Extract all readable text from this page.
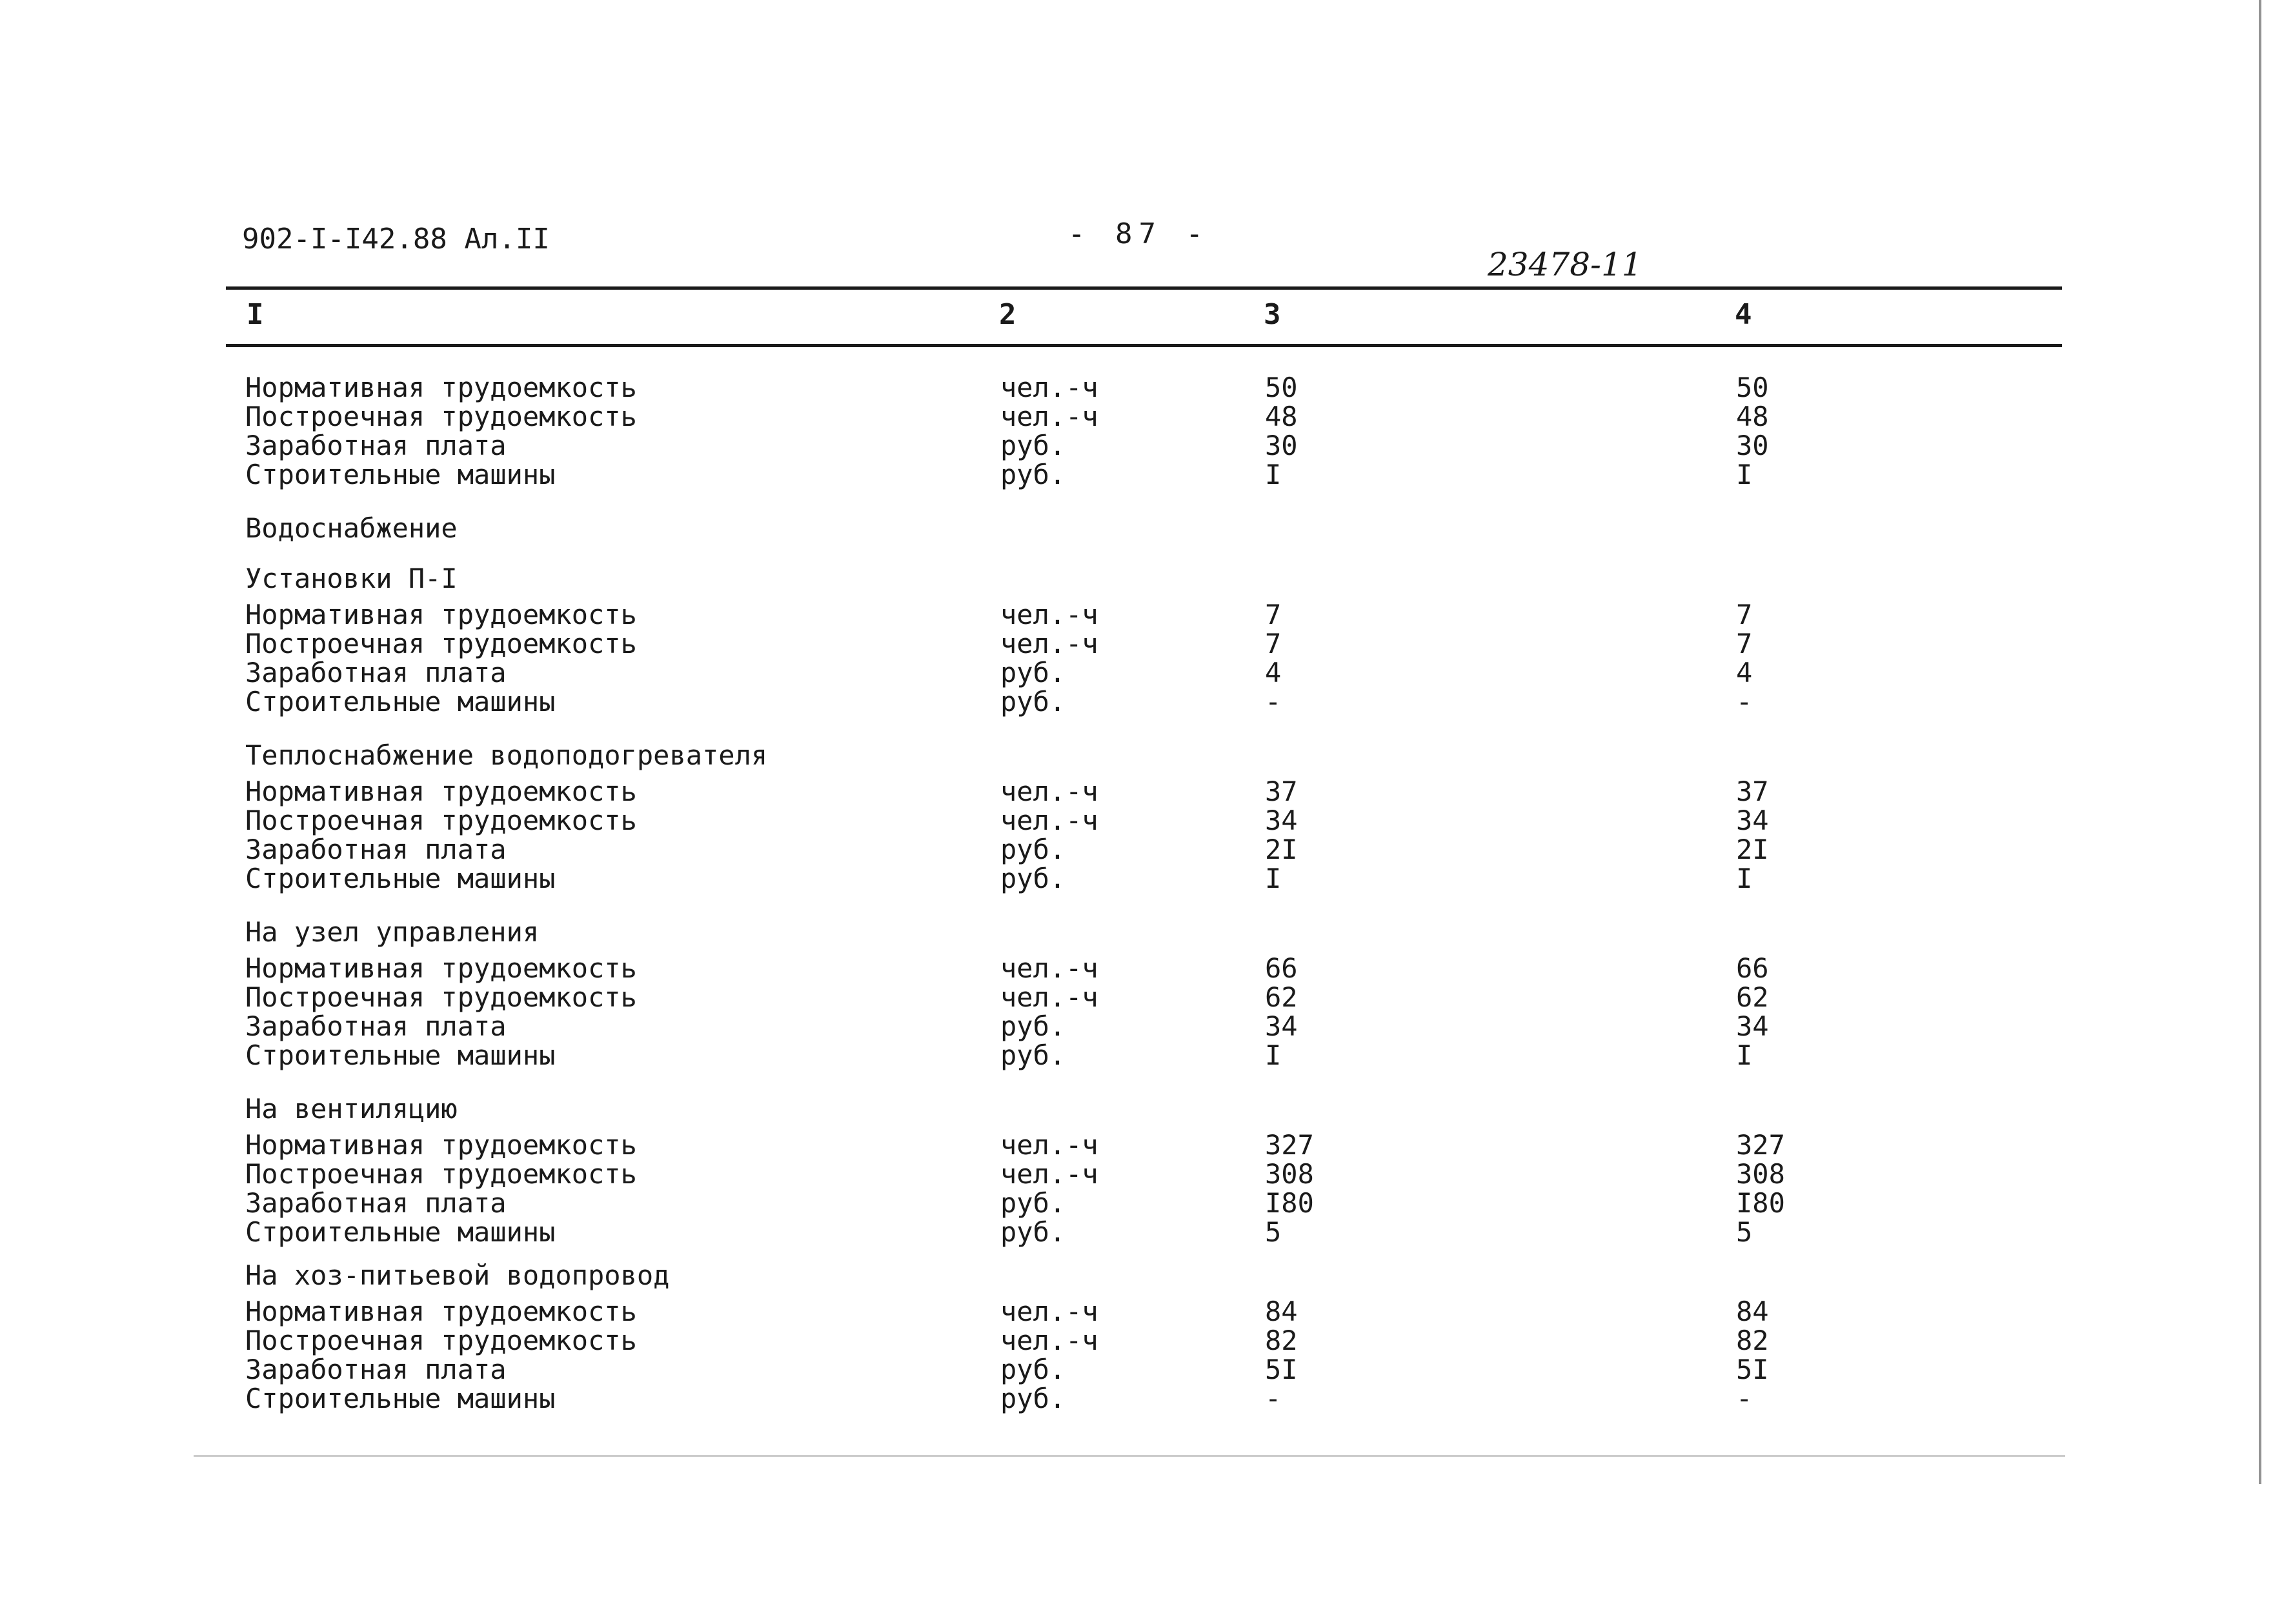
902-I-I42.88 Ал.II	- 87 -
23478-11
I	2	3	4
Нормативная трудоемкость	чел.-ч	50	50
Построечная трудоемкость	чел.-ч	48	48
Заработная плата	руб.	30	30
Строительные машины	руб.	I	I
Водоснабжение
Установки П-I
Нормативная трудоемкость	чел.-ч	7	7
Построечная трудоемкость	чел.-ч	7	7
Заработная плата	руб.	4	4
Строительные машины	руб.	-	-
Теплоснабжение водоподогревателя
Нормативная трудоемкость	чел.-ч	37	37
Построечная трудоемкость	чел.-ч	34	34
Заработная плата	руб.	2I	2I
Строительные машины	руб.	I	I
На узел управления
Нормативная трудоемкость	чел.-ч	66	66
Построечная трудоемкость	чел.-ч	62	62
Заработная плата	руб.	34	34
Строительные машины	руб.	I	I
На вентиляцию
Нормативная трудоемкость	чел.-ч	327	327
Построечная трудоемкость	чел.-ч	308	308
Заработная плата	руб.	I80	I80
Строительные машины	руб.	5	5
На хоз-питьевой водопровод
Нормативная трудоемкость	чел.-ч	84	84
Построечная трудоемкость	чел.-ч	82	82
Заработная плата	руб.	5I	5I
Строительные машины	руб.	-	-
